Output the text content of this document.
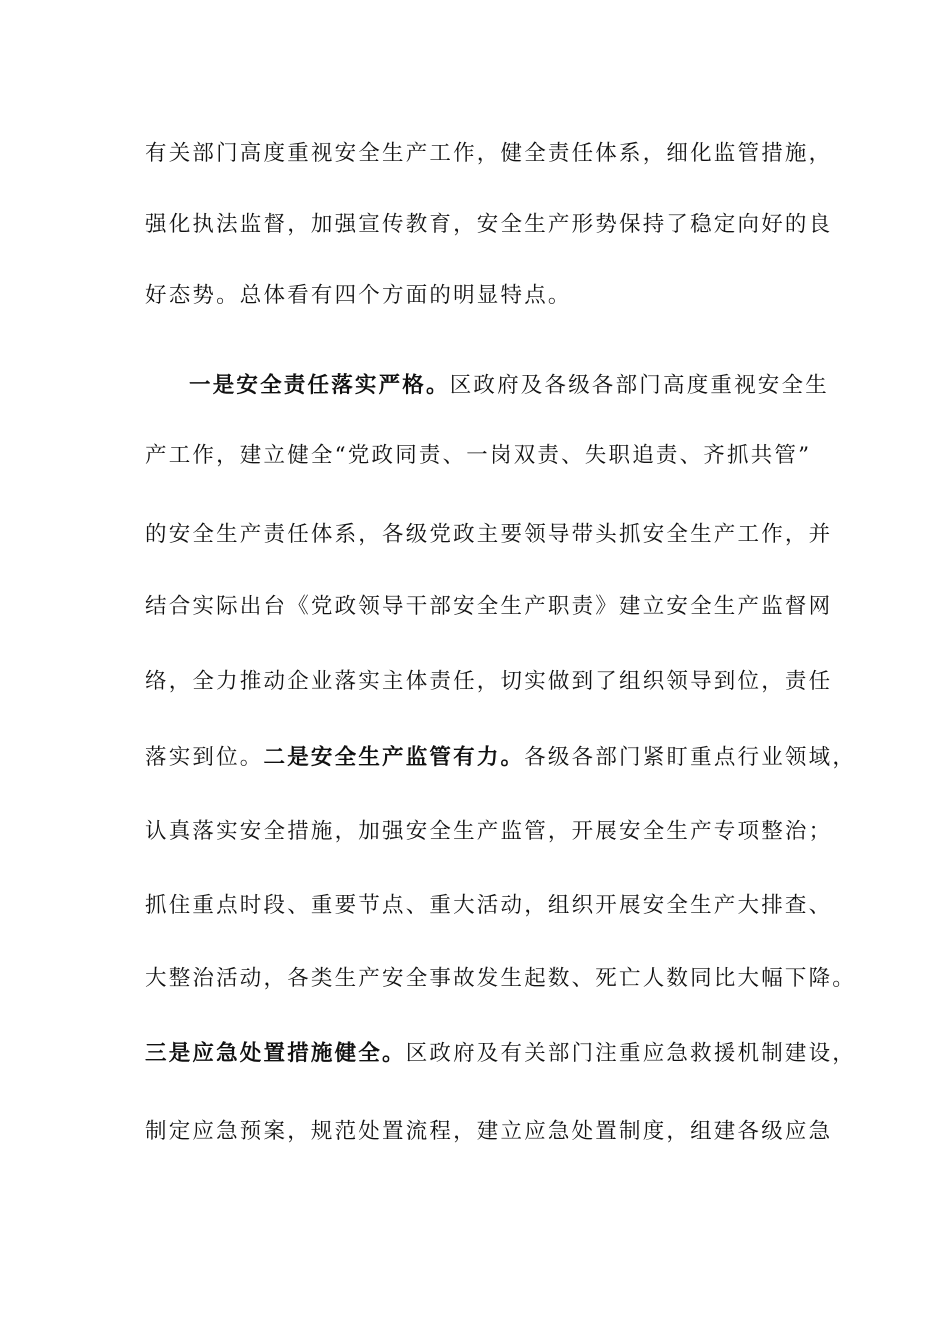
有关部门高度重视安全生产工作，健全责任体系，细化监管措施，
强化执法监督，加强宣传教育，安全生产形势保持了稳定向好的良
好态势。总体看有四个方面的明显特点。
一是安全责任落实严格。区政府及各级各部门高度重视安全生
产工作，建立健全“党政同责、一岗双责、失职追责、齐抓共管”
的安全生产责任体系，各级党政主要领导带头抓安全生产工作，并
结合实际出台《党政领导干部安全生产职责》建立安全生产监督网
络，全力推动企业落实主体责任，切实做到了组织领导到位，责任
落实到位。二是安全生产监管有力。各级各部门紧盯重点行业领域，
认真落实安全措施，加强安全生产监管，开展安全生产专项整治；
抓住重点时段、重要节点、重大活动，组织开展安全生产大排查、
大整治活动，各类生产安全事故发生起数、死亡人数同比大幅下降。
三是应急处置措施健全。区政府及有关部门注重应急救援机制建设，
制定应急预案，规范处置流程，建立应急处置制度，组建各级应急
